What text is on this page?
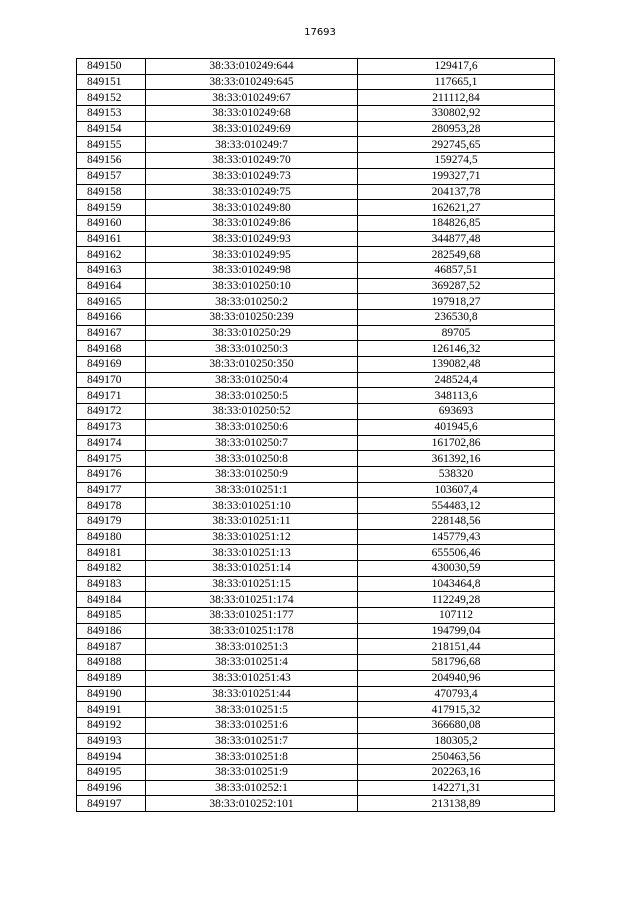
17693
849150	38:33:010249:644	129417,6
849151	38:33:010249:645	117665,1
849152	38:33:010249:67	211112,84
849153	38:33:010249:68	330802,92
849154	38:33:010249:69	280953,28
849155	38:33:010249:7	292745,65
849156	38:33:010249:70	159274,5
849157	38:33:010249:73	199327,71
849158	38:33:010249:75	204137,78
849159	38:33:010249:80	162621,27
849160	38:33:010249:86	184826,85
849161	38:33:010249:93	344877,48
849162	38:33:010249:95	282549,68
849163	38:33:010249:98	46857,51
849164	38:33:010250:10	369287,52
849165	38:33:010250:2	197918,27
849166	38:33:010250:239	236530,8
849167	38:33:010250:29	89705
849168	38:33:010250:3	126146,32
849169	38:33:010250:350	139082,48
849170	38:33:010250:4	248524,4
849171	38:33:010250:5	348113,6
849172	38:33:010250:52	693693
849173	38:33:010250:6	401945,6
849174	38:33:010250:7	161702,86
849175	38:33:010250:8	361392,16
849176	38:33:010250:9	538320
849177	38:33:010251:1	103607,4
849178	38:33:010251:10	554483,12
849179	38:33:010251:11	228148,56
849180	38:33:010251:12	145779,43
849181	38:33:010251:13	655506,46
849182	38:33:010251:14	430030,59
849183	38:33:010251:15	1043464,8
849184	38:33:010251:174	112249,28
849185	38:33:010251:177	107112
849186	38:33:010251:178	194799,04
849187	38:33:010251:3	218151,44
849188	38:33:010251:4	581796,68
849189	38:33:010251:43	204940,96
849190	38:33:010251:44	470793,4
849191	38:33:010251:5	417915,32
849192	38:33:010251:6	366680,08
849193	38:33:010251:7	180305,2
849194	38:33:010251:8	250463,56
849195	38:33:010251:9	202263,16
849196	38:33:010252:1	142271,31
849197	38:33:010252:101	213138,89
